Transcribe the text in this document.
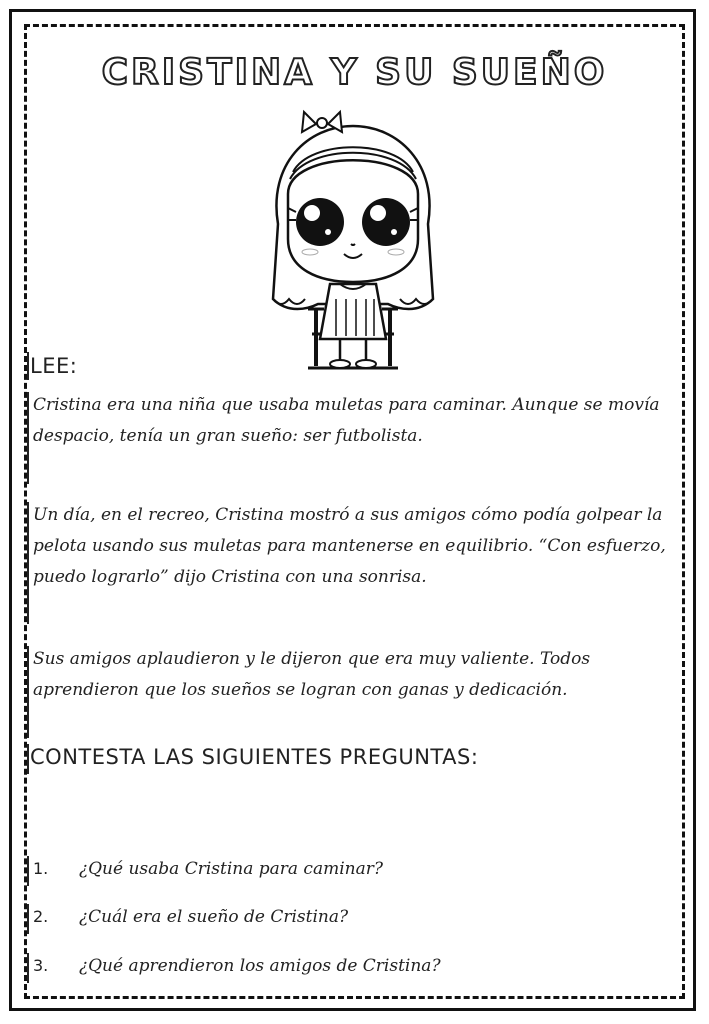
CRISTINA Y SU SUEÑO
LEE:
Cristina era una niña que usaba muletas para caminar. Aunque se movía despacio, tenía un gran sueño: ser futbolista.
Un día, en el recreo, Cristina mostró a sus amigos cómo podía golpear la pelota usando sus muletas para mantenerse en equilibrio. “Con esfuerzo, puedo lograrlo” dijo Cristina con una sonrisa.
Sus amigos aplaudieron y le dijeron que era muy valiente. Todos aprendieron que los sueños se logran con ganas y dedicación.
CONTESTA LAS SIGUIENTES PREGUNTAS:
1. ¿Qué usaba Cristina para caminar?
2. ¿Cuál era el sueño de Cristina?
3. ¿Qué aprendieron los amigos de Cristina?
